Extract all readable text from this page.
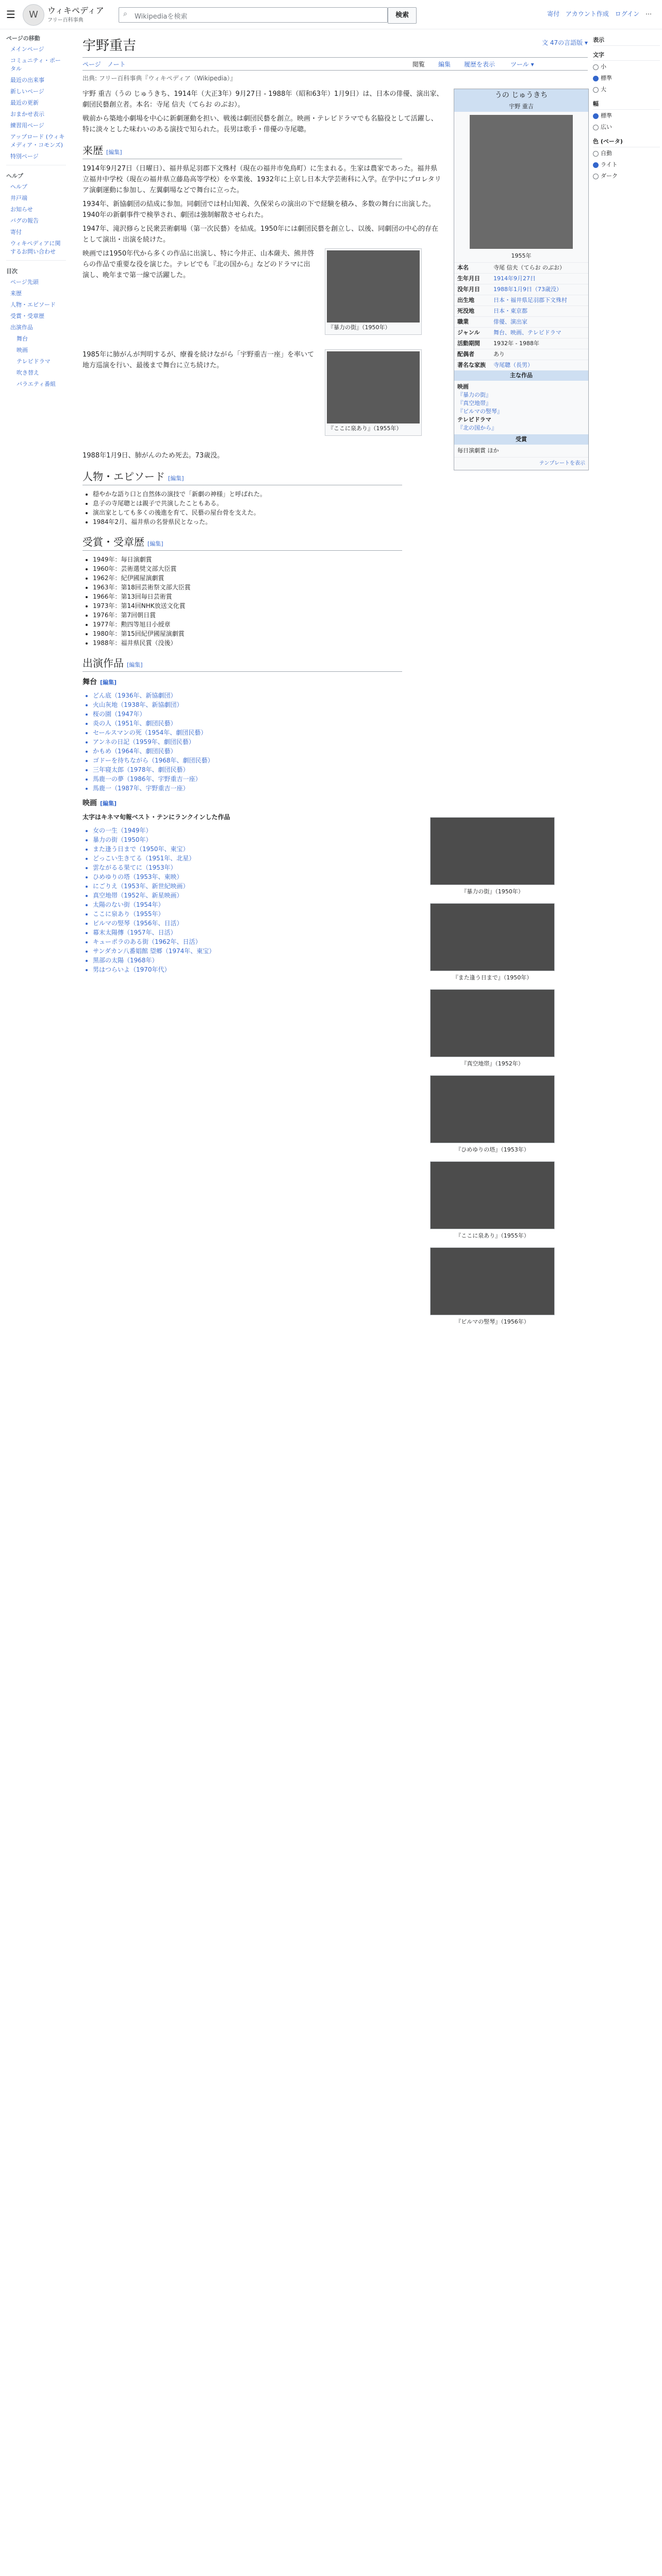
☰	W	ウィキペディア
フリー百科事典
⌕ Wikipediaを検索	検索	寄付 アカウント作成 ログイン ⋯
ページの移動
メインページ
コミュニティ・ポータル
最近の出来事
新しいページ
最近の更新
おまかせ表示
練習用ページ
アップロード (ウィキメディア・コモンズ)
特別ページ
ヘルプ
ヘルプ
井戸端
お知らせ
バグの報告
寄付
ウィキペディアに関するお問い合わせ
目次
ページ先頭
来歴
人物・エピソード
受賞・受章歴
出演作品
舞台
映画
テレビドラマ
吹き替え
バラエティ番組
表示
文字
小
標準
大
幅
標準
広い
色 (ベータ)
自動
ライト
ダーク
宇野重吉	文 47の言語版 ▾
ページ ノート	閲覧 編集 履歴を表示 ツール ▾
出典: フリー百科事典『ウィキペディア（Wikipedia）』
うの じゅうきち
宇野 重吉
1955年
本名	寺尾 信夫（てらお のぶお）
生年月日	1914年9月27日
没年月日	1988年1月9日（73歳没）
出生地	日本・福井県足羽郡下文殊村
死没地	日本・東京都
職業	俳優、演出家
ジャンル	舞台、映画、テレビドラマ
活動期間	1932年 - 1988年
配偶者	あり
著名な家族	寺尾聰（長男）
主な作品
映画
『暴力の街』
『真空地帯』
『ビルマの竪琴』
テレビドラマ
『北の国から』
受賞
毎日演劇賞 ほか
テンプレートを表示

宇野 重吉（うの じゅうきち、1914年（大正3年）9月27日 - 1988年（昭和63年）1月9日）は、日本の俳優、演出家、劇団民藝創立者。本名：寺尾 信夫（てらお のぶお）。

戦前から築地小劇場を中心に新劇運動を担い、戦後は劇団民藝を創立。映画・テレビドラマでも名脇役として活躍し、特に淡々とした味わいのある演技で知られた。長男は歌手・俳優の寺尾聰。

来歴 [編集]

1914年9月27日（日曜日）、福井県足羽郡下文殊村（現在の福井市免鳥町）に生まれる。生家は農家であった。福井県立福井中学校（現在の福井県立藤島高等学校）を卒業後、1932年に上京し日本大学芸術科に入学。在学中にプロレタリア演劇運動に参加し、左翼劇場などで舞台に立った。

1934年、新協劇団の結成に参加。同劇団では村山知義、久保栄らの演出の下で経験を積み、多数の舞台に出演した。1940年の新劇事件で検挙され、劇団は強制解散させられた。

1947年、滝沢修らと民衆芸術劇場（第一次民藝）を結成。1950年には劇団民藝を創立し、以後、同劇団の中心的存在として演出・出演を続けた。

『暴力の街』（1950年）

映画では1950年代から多くの作品に出演し、特に今井正、山本薩夫、熊井啓らの作品で重要な役を演じた。テレビでも『北の国から』などのドラマに出演し、晩年まで第一線で活躍した。

『ここに泉あり』（1955年）

1985年に肺がんが判明するが、療養を続けながら「宇野重吉一座」を率いて地方巡演を行い、最後まで舞台に立ち続けた。

1988年1月9日、肺がんのため死去。73歳没。

人物・エピソード [編集]
• 穏やかな語り口と自然体の演技で「新劇の神様」と呼ばれた。
• 息子の寺尾聰とは親子で共演したこともある。
• 演出家としても多くの後進を育て、民藝の屋台骨を支えた。
• 1984年2月、福井県の名誉県民となった。
受賞・受章歴 [編集]
• 1949年：毎日演劇賞
• 1960年：芸術選奨文部大臣賞
• 1962年：紀伊國屋演劇賞
• 1963年：第18回芸術祭文部大臣賞
• 1966年：第13回毎日芸術賞
• 1973年：第14回NHK放送文化賞
• 1976年：第7回朝日賞
• 1977年：勲四等旭日小綬章
• 1980年：第15回紀伊國屋演劇賞
• 1988年：福井県民賞（没後）
出演作品 [編集]
舞台 [編集]
• どん底（1936年、新協劇団）
• 火山灰地（1938年、新協劇団）
• 桜の園（1947年）
• 炎の人（1951年、劇団民藝）
• セールスマンの死（1954年、劇団民藝）
• アンネの日記（1959年、劇団民藝）
• かもめ（1964年、劇団民藝）
• ゴドーを待ちながら（1968年、劇団民藝）
• 三年寝太郎（1978年、劇団民藝）
• 馬鹿一の夢（1986年、宇野重吉一座）
• 馬鹿一（1987年、宇野重吉一座）
映画 [編集]
『暴力の街』（1950年）
『また逢う日まで』（1950年）
『真空地帯』（1952年）
『ひめゆりの塔』（1953年）
『ここに泉あり』（1955年）
『ビルマの竪琴』（1956年）

太字はキネマ旬報ベスト・テンにランクインした作品

• 女の一生（1949年）
• 暴力の街（1950年）
• また逢う日まで（1950年、東宝）
• どっこい生きてる（1951年、北星）
• 雲ながるる果てに（1953年）
• ひめゆりの塔（1953年、東映）
• にごりえ（1953年、新世紀映画）
• 真空地帯（1952年、新星映画）
• 太陽のない街（1954年）
• ここに泉あり（1955年）
• ビルマの竪琴（1956年、日活）
• 幕末太陽傳（1957年、日活）
• キューポラのある街（1962年、日活）
• サンダカン八番娼館 望郷（1974年、東宝）
• 黒部の太陽（1968年）
• 男はつらいよ（1970年代）
